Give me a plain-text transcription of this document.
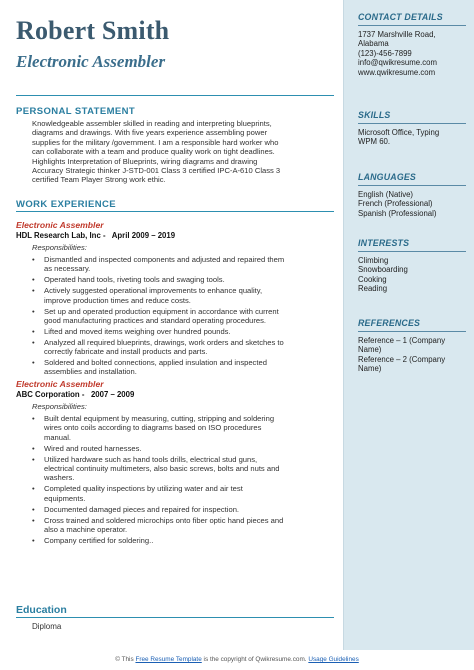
Robert Smith
Electronic Assembler
PERSONAL STATEMENT
Knowledgeable assembler skilled in reading and interpreting blueprints,
diagrams and drawings. With five years experience assembling power
supplies for the military /government. I am a responsible hard worker who
can collaborate with a team and produce quality work on tight deadlines.
Highlights Interpretation of Blueprints, wiring diagrams and drawing
Accuracy Strategic thinker J-STD-001 Class 3 certified IPC-A-610 Class 3
certified Team Player Strong work ethic.
WORK EXPERIENCE
Electronic Assembler
HDL Research Lab, Inc - April 2009 – 2019
Responsibilities:
• Dismantled and inspected components and adjusted and repaired them
as necessary.
• Operated hand tools, riveting tools and swaging tools.
• Actively suggested operational improvements to enhance quality,
improve production times and reduce costs.
• Set up and operated production equipment in accordance with current
good manufacturing practices and standard operating procedures.
• Lifted and moved items weighing over hundred pounds.
• Analyzed all required blueprints, drawings, work orders and sketches to
correctly fabricate and install products and parts.
• Soldered and bolted connections, applied insulation and inspected
assemblies and installation.
Electronic Assembler
ABC Corporation - 2007 – 2009
Responsibilities:
• Built dental equipment by measuring, cutting, stripping and soldering
wires onto coils according to diagrams based on ISO procedures
manual.
• Wired and routed harnesses.
• Utilized hardware such as hand tools drills, electrical stud guns,
electrical continuity multimeters, also basic screws, bolts and nuts and
washers.
• Completed quality inspections by utilizing water and air test
equipments.
• Documented damaged pieces and repaired for inspection.
• Cross trained and soldered microchips onto fiber optic hand pieces and
also a machine operator.
• Company certified for soldering..
Education
Diploma
CONTACT DETAILS
1737 Marshville Road,
Alabama
(123)-456-7899
info@qwikresume.com
www.qwikresume.com
SKILLS
Microsoft Office, Typing
WPM 60.
LANGUAGES
English (Native)
French (Professional)
Spanish (Professional)
INTERESTS
Climbing
Snowboarding
Cooking
Reading
REFERENCES
Reference – 1 (Company
Name)
Reference – 2 (Company
Name)
© This Free Resume Template is the copyright of Qwikresume.com. Usage Guidelines
